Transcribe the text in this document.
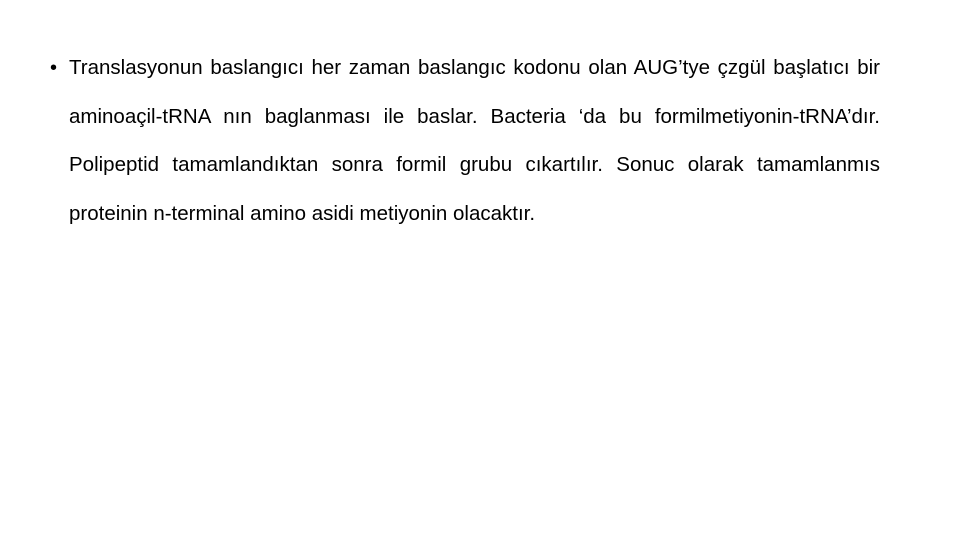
• Translasyonun baslangıcı her zaman baslangıc kodonu olan AUG’tye çzgül başlatıcı bir aminoaçil-tRNA nın baglanması ile baslar. Bacteria ‘da bu formilmetiyonin-tRNA’dır. Polipeptid tamamlandıktan sonra formil grubu cıkartılır. Sonuc olarak tamamlanmıs proteinin n-terminal amino asidi metiyonin olacaktır.
